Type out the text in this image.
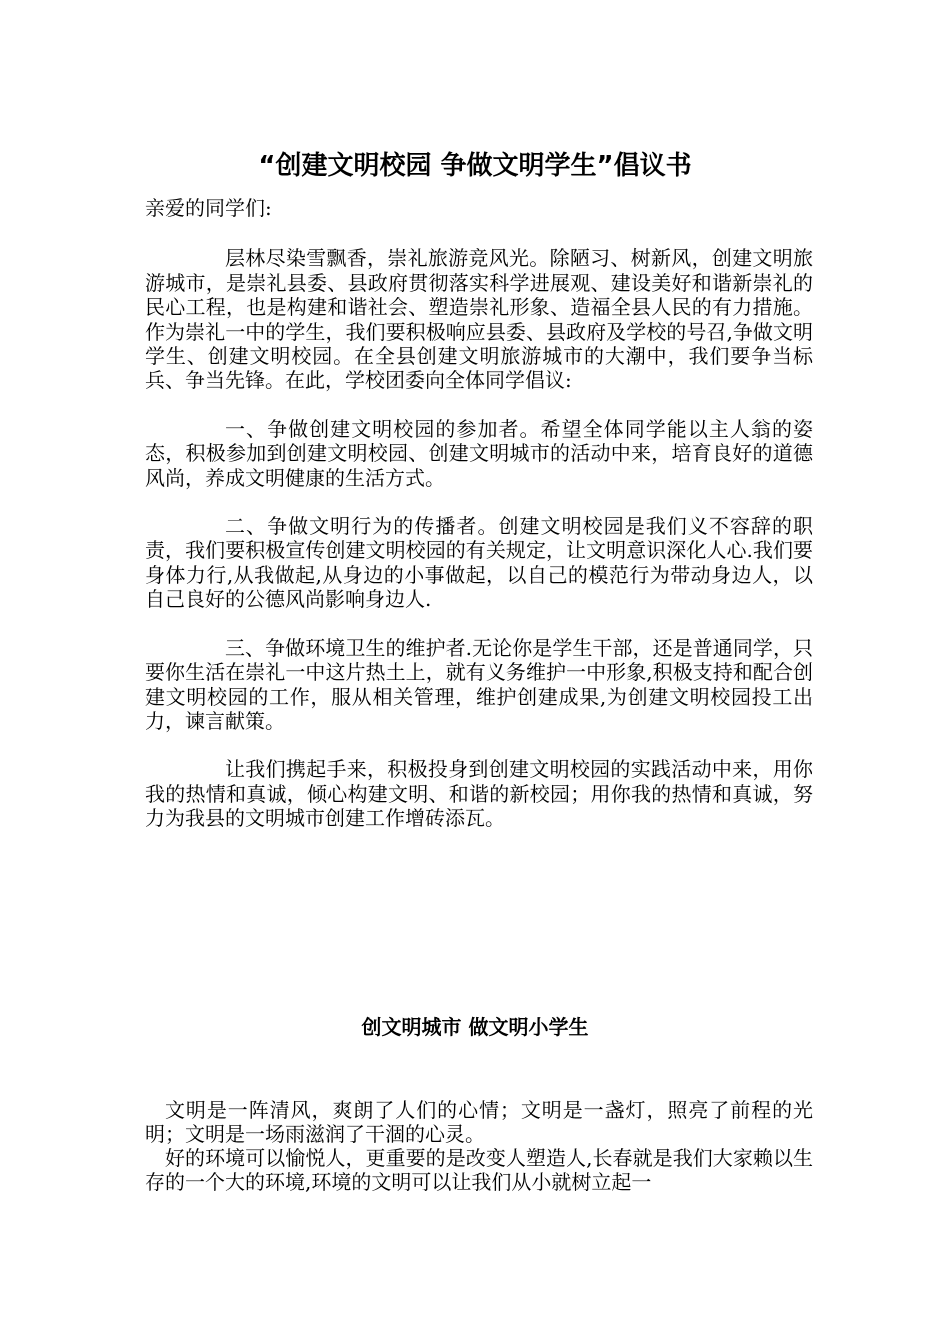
“创建文明校园 争做文明学生”倡议书

亲爱的同学们:

层林尽染雪飘香，崇礼旅游竞风光。除陋习、树新风，创建文明旅游城市，是崇礼县委、县政府贯彻落实科学进展观、建设美好和谐新崇礼的民心工程，也是构建和谐社会、塑造崇礼形象、造福全县人民的有力措施。作为崇礼一中的学生，我们要积极响应县委、县政府及学校的号召,争做文明学生、创建文明校园。在全县创建文明旅游城市的大潮中，我们要争当标兵、争当先锋。在此，学校团委向全体同学倡议:

一、争做创建文明校园的参加者。希望全体同学能以主人翁的姿态，积极参加到创建文明校园、创建文明城市的活动中来，培育良好的道德风尚，养成文明健康的生活方式。

二、争做文明行为的传播者。创建文明校园是我们义不容辞的职责，我们要积极宣传创建文明校园的有关规定，让文明意识深化人心.我们要身体力行,从我做起,从身边的小事做起，以自己的模范行为带动身边人，以自己良好的公德风尚影响身边人.

三、争做环境卫生的维护者.无论你是学生干部，还是普通同学，只要你生活在崇礼一中这片热土上，就有义务维护一中形象,积极支持和配合创建文明校园的工作，服从相关管理，维护创建成果,为创建文明校园投工出力，谏言献策。

让我们携起手来，积极投身到创建文明校园的实践活动中来，用你我的热情和真诚，倾心构建文明、和谐的新校园；用你我的热情和真诚，努力为我县的文明城市创建工作增砖添瓦。

创文明城市 做文明小学生

文明是一阵清风，爽朗了人们的心情；文明是一盏灯，照亮了前程的光明；文明是一场雨滋润了干涸的心灵。

好的环境可以愉悦人，更重要的是改变人塑造人,长春就是我们大家赖以生存的一个大的环境,环境的文明可以让我们从小就树立起一
